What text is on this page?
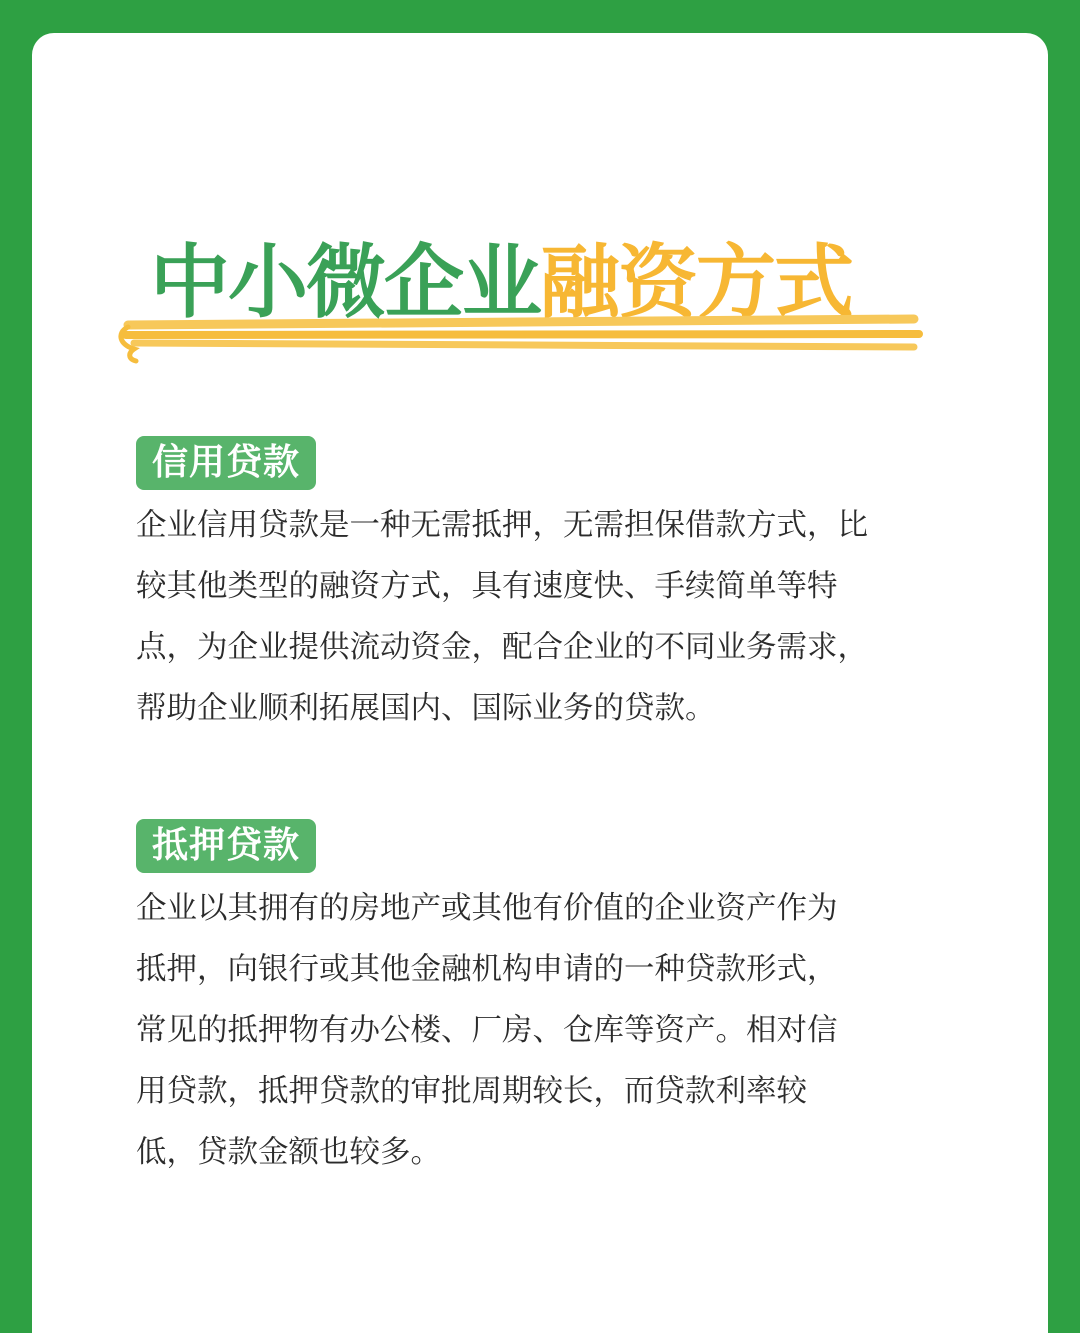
中小微企业融资方式
信用贷款

企业信用贷款是一种无需抵押，无需担保借款方式，比较其他类型的融资方式，具有速度快、手续简单等特点，为企业提供流动资金，配合企业的不同业务需求，帮助企业顺利拓展国内、国际业务的贷款。

抵押贷款

企业以其拥有的房地产或其他有价值的企业资产作为抵押，向银行或其他金融机构申请的一种贷款形式，常见的抵押物有办公楼、厂房、仓库等资产。相对信用贷款，抵押贷款的审批周期较长，而贷款利率较低，贷款金额也较多。
